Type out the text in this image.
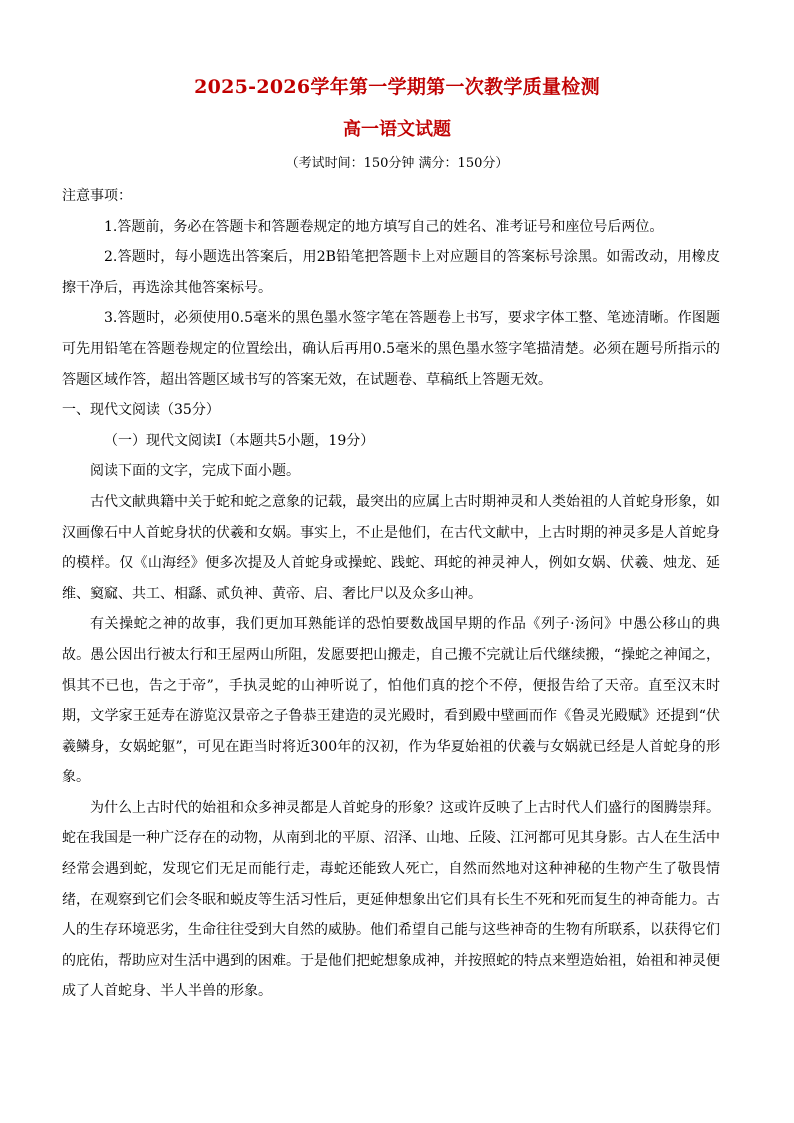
2025-2026学年第一学期第一次教学质量检测
高一语文试题
（考试时间：150分钟 满分：150分）

注意事项：

1.答题前，务必在答题卡和答题卷规定的地方填写自己的姓名、准考证号和座位号后两位。

2.答题时，每小题选出答案后，用2B铅笔把答题卡上对应题目的答案标号涂黑。如需改动，用橡皮擦干净后，再选涂其他答案标号。

3.答题时，必须使用0.5毫米的黑色墨水签字笔在答题卷上书写，要求字体工整、笔迹清晰。作图题可先用铅笔在答题卷规定的位置绘出，确认后再用0.5毫米的黑色墨水签字笔描清楚。必须在题号所指示的答题区域作答，超出答题区域书写的答案无效，在试题卷、草稿纸上答题无效。

一、现代文阅读（35分）

（一）现代文阅读Ⅰ（本题共5小题，19分）

阅读下面的文字，完成下面小题。

古代文献典籍中关于蛇和蛇之意象的记载，最突出的应属上古时期神灵和人类始祖的人首蛇身形象，如汉画像石中人首蛇身状的伏羲和女娲。事实上，不止是他们，在古代文献中，上古时期的神灵多是人首蛇身的模样。仅《山海经》便多次提及人首蛇身或操蛇、践蛇、珥蛇的神灵神人，例如女娲、伏羲、烛龙、延维、窫窳、共工、相繇、贰负神、黄帝、启、奢比尸以及众多山神。

有关操蛇之神的故事，我们更加耳熟能详的恐怕要数战国早期的作品《列子·汤问》中愚公移山的典故。愚公因出行被太行和王屋两山所阻，发愿要把山搬走，自己搬不完就让后代继续搬，“操蛇之神闻之，惧其不已也，告之于帝”，手执灵蛇的山神听说了，怕他们真的挖个不停，便报告给了天帝。直至汉末时期，文学家王延寿在游览汉景帝之子鲁恭王建造的灵光殿时，看到殿中壁画而作《鲁灵光殿赋》还提到“伏羲鳞身，女娲蛇躯”，可见在距当时将近300年的汉初，作为华夏始祖的伏羲与女娲就已经是人首蛇身的形象。

为什么上古时代的始祖和众多神灵都是人首蛇身的形象？这或许反映了上古时代人们盛行的图腾崇拜。蛇在我国是一种广泛存在的动物，从南到北的平原、沼泽、山地、丘陵、江河都可见其身影。古人在生活中经常会遇到蛇，发现它们无足而能行走，毒蛇还能致人死亡，自然而然地对这种神秘的生物产生了敬畏情绪，在观察到它们会冬眠和蜕皮等生活习性后，更延伸想象出它们具有长生不死和死而复生的神奇能力。古人的生存环境恶劣，生命往往受到大自然的威胁。他们希望自己能与这些神奇的生物有所联系，以获得它们的庇佑，帮助应对生活中遇到的困难。于是他们把蛇想象成神，并按照蛇的特点来塑造始祖，始祖和神灵便成了人首蛇身、半人半兽的形象。
